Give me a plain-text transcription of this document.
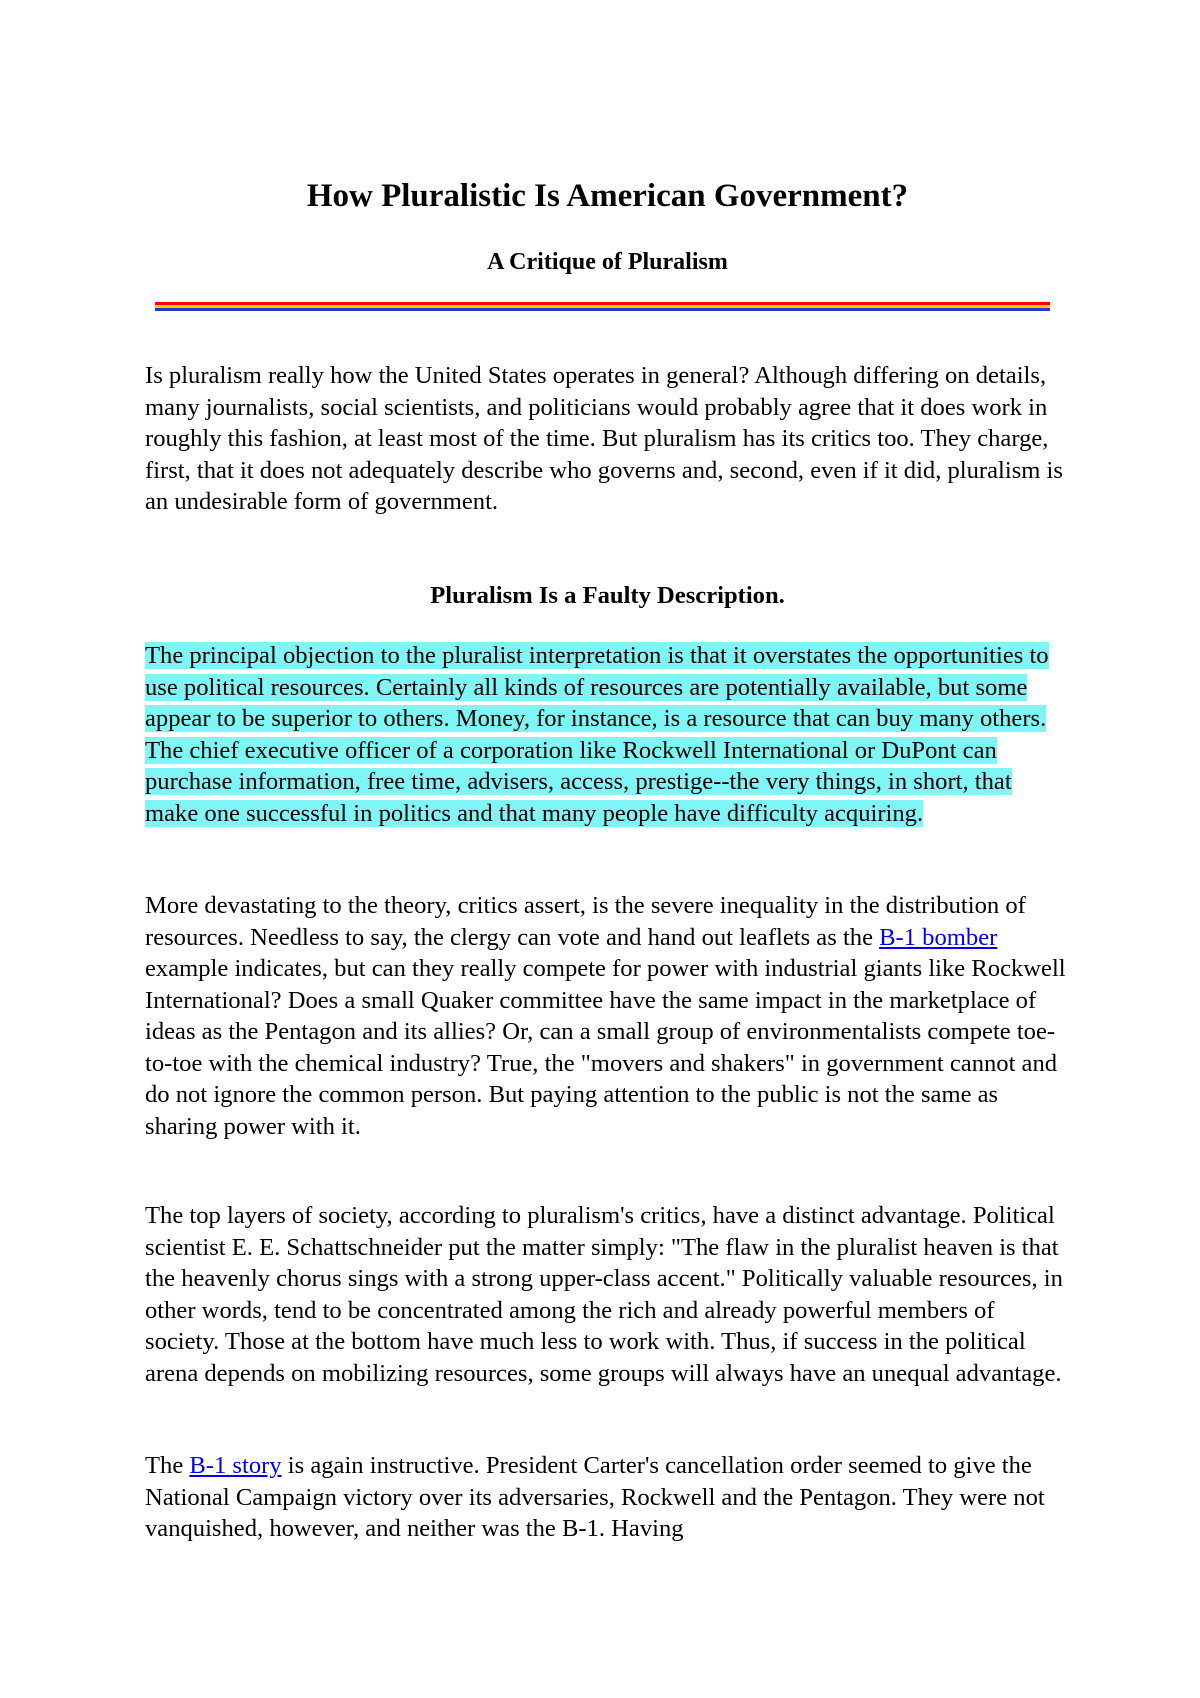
How Pluralistic Is American Government?
A Critique of Pluralism

Is pluralism really how the United States operates in general? Although differing on details, many journalists, social scientists, and politicians would probably agree that it does work in roughly this fashion, at least most of the time. But pluralism has its critics too. They charge, first, that it does not adequately describe who governs and, second, even if it did, pluralism is an undesirable form of government.

Pluralism Is a Faulty Description.

The principal objection to the pluralist interpretation is that it overstates the opportunities to use political resources. Certainly all kinds of resources are potentially available, but some appear to be superior to others. Money, for instance, is a resource that can buy many others. The chief executive officer of a corporation like Rockwell International or DuPont can purchase information, free time, advisers, access, prestige--the very things, in short, that make one successful in politics and that many people have difficulty acquiring.

More devastating to the theory, critics assert, is the severe inequality in the distribution of resources. Needless to say, the clergy can vote and hand out leaflets as the B-1 bomber example indicates, but can they really compete for power with industrial giants like Rockwell International? Does a small Quaker committee have the same impact in the marketplace of ideas as the Pentagon and its allies? Or, can a small group of environmentalists compete toe-to-toe with the chemical industry? True, the "movers and shakers" in government cannot and do not ignore the common person. But paying attention to the public is not the same as sharing power with it.

The top layers of society, according to pluralism's critics, have a distinct advantage. Political scientist E. E. Schattschneider put the matter simply: "The flaw in the pluralist heaven is that the heavenly chorus sings with a strong upper-class accent." Politically valuable resources, in other words, tend to be concentrated among the rich and already powerful members of society. Those at the bottom have much less to work with. Thus, if success in the political arena depends on mobilizing resources, some groups will always have an unequal advantage.

The B-1 story is again instructive. President Carter's cancellation order seemed to give the National Campaign victory over its adversaries, Rockwell and the Pentagon. They were not vanquished, however, and neither was the B-1. Having
